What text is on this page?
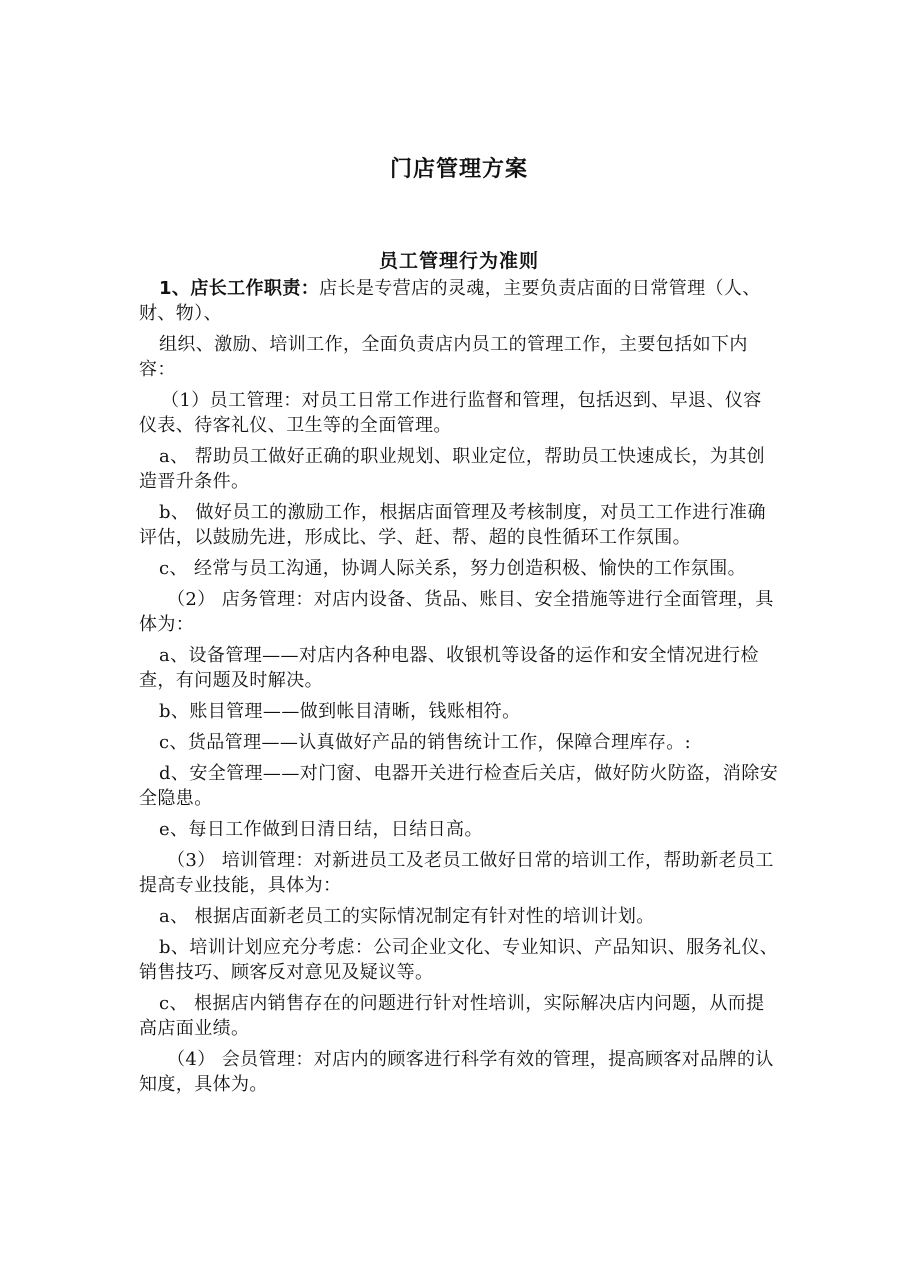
门店管理方案
员工管理行为准则

1、店长工作职责：店长是专营店的灵魂，主要负责店面的日常管理（人、财、物）、

组织、激励、培训工作，全面负责店内员工的管理工作，主要包括如下内容：

（1）员工管理：对员工日常工作进行监督和管理，包括迟到、早退、仪容仪表、待客礼仪、卫生等的全面管理。

a、 帮助员工做好正确的职业规划、职业定位，帮助员工快速成长，为其创造晋升条件。

b、 做好员工的激励工作，根据店面管理及考核制度，对员工工作进行准确评估，以鼓励先进，形成比、学、赶、帮、超的良性循环工作氛围。

c、 经常与员工沟通，协调人际关系，努力创造积极、愉快的工作氛围。

（2） 店务管理：对店内设备、货品、账目、安全措施等进行全面管理，具体为：

a、设备管理——对店内各种电器、收银机等设备的运作和安全情况进行检查，有问题及时解决。

b、账目管理——做到帐目清晰，钱账相符。

c、货品管理——认真做好产品的销售统计工作，保障合理库存。:

d、安全管理——对门窗、电器开关进行检查后关店，做好防火防盗，消除安全隐患。

e、每日工作做到日清日结，日结日高。

（3） 培训管理：对新进员工及老员工做好日常的培训工作，帮助新老员工提高专业技能，具体为：

a、 根据店面新老员工的实际情况制定有针对性的培训计划。

b、培训计划应充分考虑：公司企业文化、专业知识、产品知识、服务礼仪、销售技巧、顾客反对意见及疑议等。

c、 根据店内销售存在的问题进行针对性培训，实际解决店内问题，从而提高店面业绩。

（4） 会员管理：对店内的顾客进行科学有效的管理，提高顾客对品牌的认知度，具体为。
